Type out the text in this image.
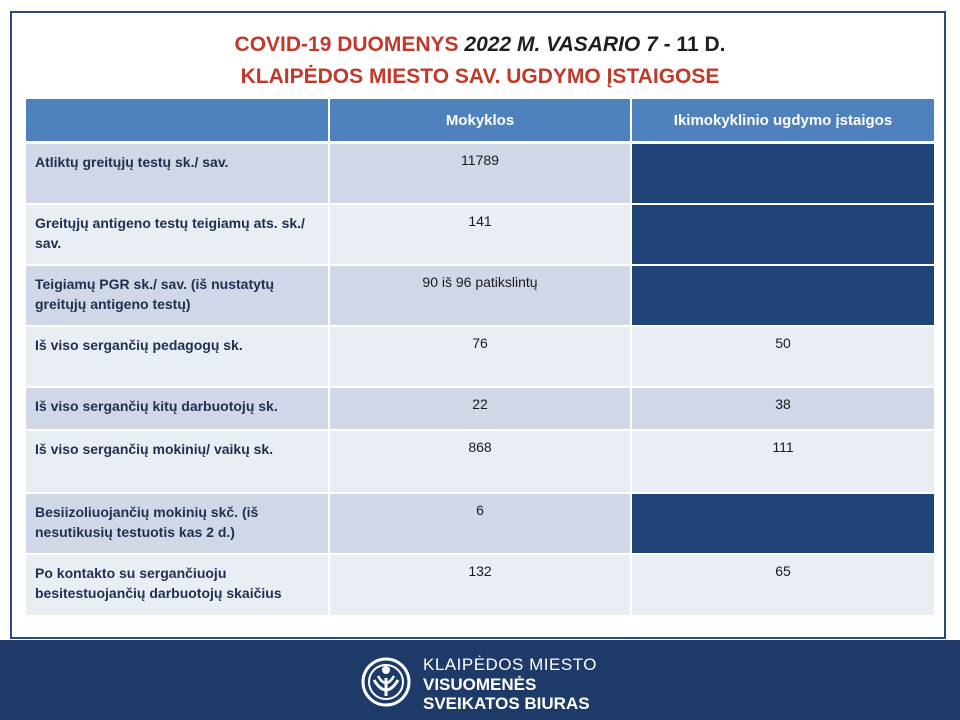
COVID-19 DUOMENYS 2022 M. VASARIO 7 - 11 D.
KLAIPĖDOS MIESTO SAV. UGDYMO ĮSTAIGOSE
	Mokyklos	Ikimokyklinio ugdymo įstaigos
Atliktų greitųjų testų sk./ sav.	11789	
Greitųjų antigeno testų teigiamų ats. sk./ sav.	141	
Teigiamų PGR sk./ sav. (iš nustatytų greitųjų antigeno testų)	90 iš 96 patikslintų	
Iš viso sergančių pedagogų sk.	76	50
Iš viso sergančių kitų darbuotojų sk.	22	38
Iš viso sergančių mokinių/ vaikų sk.	868	111
Besiizoliuojančių mokinių skč. (iš nesutikusių testuotis kas 2 d.)	6	
Po kontakto su sergančiuoju besitestuojančių darbuotojų skaičius	132	65
KLAIPĖDOS MIESTO
VISUOMENĖS
SVEIKATOS BIURAS
